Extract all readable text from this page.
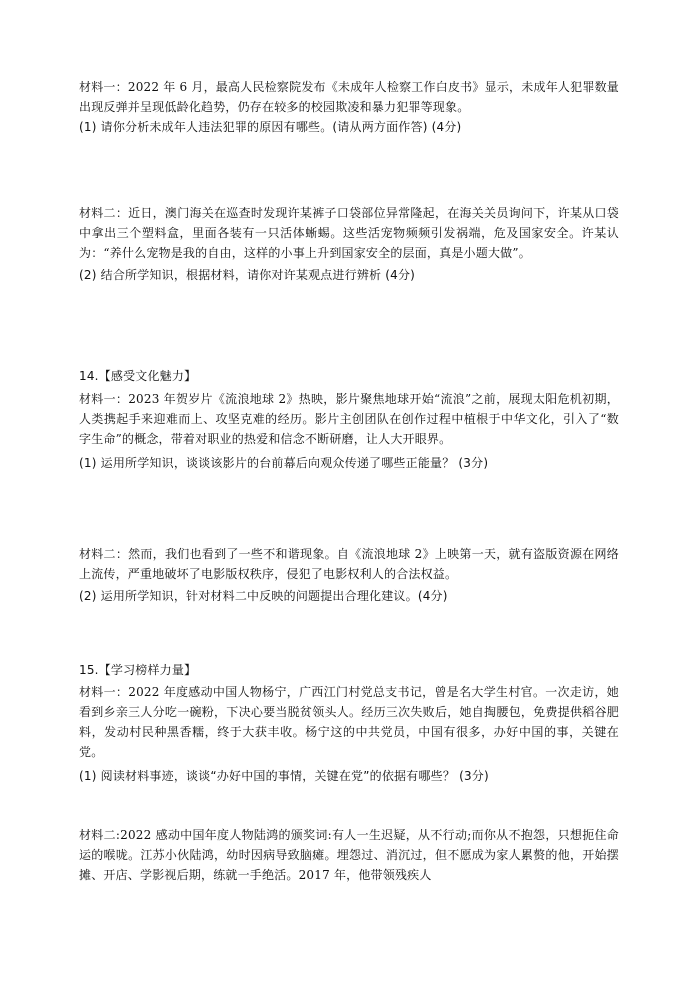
材料一：2022 年 6 月，最高人民检察院发布《未成年人检察工作白皮书》显示，未成年人犯罪数量出现反弹并呈现低龄化趋势，仍存在较多的校园欺凌和暴力犯罪等现象。

(1) 请你分析未成年人违法犯罪的原因有哪些。(请从两方面作答) (4分)

材料二：近日，澳门海关在巡查时发现许某裤子口袋部位异常隆起，在海关关员询问下，许某从口袋中拿出三个塑料盒，里面各装有一只活体蜥蜴。这些活宠物频频引发祸端，危及国家安全。许某认为：“养什么宠物是我的自由，这样的小事上升到国家安全的层面，真是小题大做”。

(2) 结合所学知识，根据材料，请你对许某观点进行辨析 (4分)

14.【感受文化魅力】

材料一：2023 年贺岁片《流浪地球 2》热映，影片聚焦地球开始“流浪”之前，展现太阳危机初期，人类携起手来迎难而上、攻坚克难的经历。影片主创团队在创作过程中植根于中华文化，引入了“数字生命”的概念，带着对职业的热爱和信念不断研磨，让人大开眼界。

(1) 运用所学知识，谈谈该影片的台前幕后向观众传递了哪些正能量？ (3分)

材料二：然而，我们也看到了一些不和谐现象。自《流浪地球 2》上映第一天，就有盗版资源在网络上流传，严重地破坏了电影版权秩序，侵犯了电影权利人的合法权益。

(2) 运用所学知识，针对材料二中反映的问题提出合理化建议。(4分)

15.【学习榜样力量】

材料一：2022 年度感动中国人物杨宁，广西江门村党总支书记，曾是名大学生村官。一次走访，她看到乡亲三人分吃一碗粉，下决心要当脱贫领头人。经历三次失败后，她自掏腰包，免费提供稻谷肥料，发动村民种黑香糯，终于大获丰收。杨宁这的中共党员，中国有很多，办好中国的事，关键在党。

(1) 阅读材料事迹，谈谈“办好中国的事情，关键在党”的依据有哪些？ (3分)

材料二:2022 感动中国年度人物陆鸿的颁奖词:有人一生迟疑，从不行动;而你从不抱怨，只想扼住命运的喉咙。江苏小伙陆鸿，幼时因病导致脑瘫。埋怨过、消沉过，但不愿成为家人累赘的他，开始摆摊、开店、学影视后期，练就一手绝活。2017 年，他带领残疾人
